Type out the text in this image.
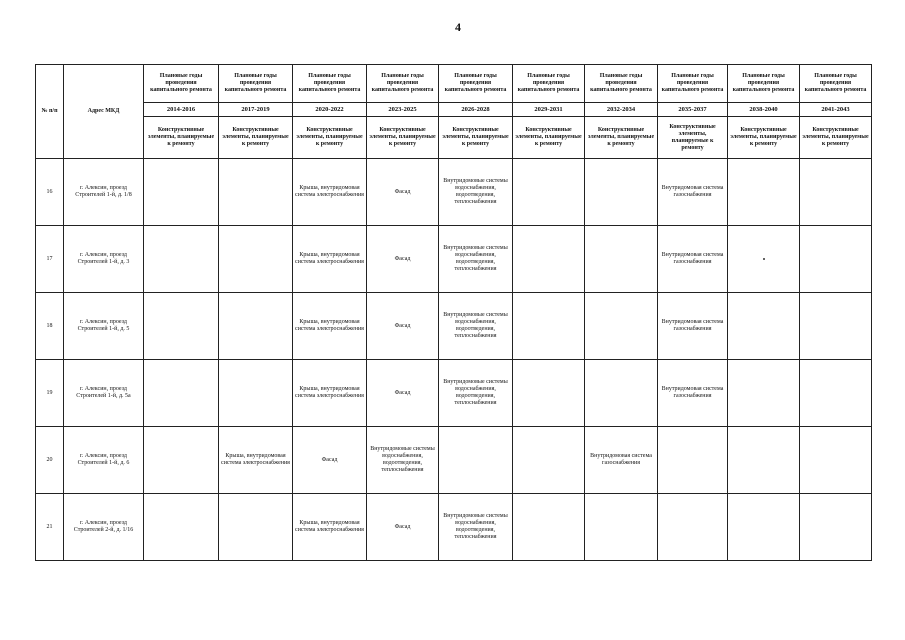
4
№ п/п	Адрес МКД	Плановые годы проведения капитального ремонта	Плановые годы проведения капитального ремонта	Плановые годы проведения капитального ремонта	Плановые годы проведения капитального ремонта	Плановые годы проведения капитального ремонта	Плановые годы проведения капитального ремонта	Плановые годы проведения капитального ремонта	Плановые годы проведения капитального ремонта	Плановые годы проведения капитального ремонта	Плановые годы проведения капитального ремонта
		2014-2016	2017-2019	2020-2022	2023-2025	2026-2028	2029-2031	2032-2034	2035-2037	2038-2040	2041-2043
		Конструктивные элементы, планируемые к ремонту	Конструктивные элементы, планируемые к ремонту	Конструктивные элементы, планируемые к ремонту	Конструктивные элементы, планируемые к ремонту	Конструктивные элементы, планируемые к ремонту	Конструктивные элементы, планируемые к ремонту	Конструктивные элементы, планируемые к ремонту	Конструктивные элементы, планируемые к ремонту	Конструктивные элементы, планируемые к ремонту	Конструктивные элементы, планируемые к ремонту
16	г. Алексин, проезд Строителей 1-й, д. 1/8			Крыша, внутридомовая система электроснабжения	Фасад	Внутридомовые системы водоснабжения, водоотведения, теплоснабжения			Внутридомовая система газоснабжения		
17	г. Алексин, проезд Строителей 1-й, д. 3			Крыша, внутридомовая система электроснабжения	Фасад	Внутридомовые системы водоснабжения, водоотведения, теплоснабжения			Внутридомовая система газоснабжения		
18	г. Алексин, проезд Строителей 1-й, д. 5			Крыша, внутридомовая система электроснабжения	Фасад	Внутридомовые системы водоснабжения, водоотведения, теплоснабжения			Внутридомовая система газоснабжения		
19	г. Алексин, проезд Строителей 1-й, д. 5а			Крыша, внутридомовая система электроснабжения	Фасад	Внутридомовые системы водоснабжения, водоотведения, теплоснабжения			Внутридомовая система газоснабжения		
20	г. Алексин, проезд Строителей 1-й, д. 6		Крыша, внутридомовая система электроснабжения	Фасад	Внутридомовые системы водоснабжения, водоотведения, теплоснабжения			Внутридомовая система газоснабжения			
21	г. Алексин, проезд Строителей 2-й, д. 1/16			Крыша, внутридомовая система электроснабжения	Фасад	Внутридомовые системы водоснабжения, водоотведения, теплоснабжения					
